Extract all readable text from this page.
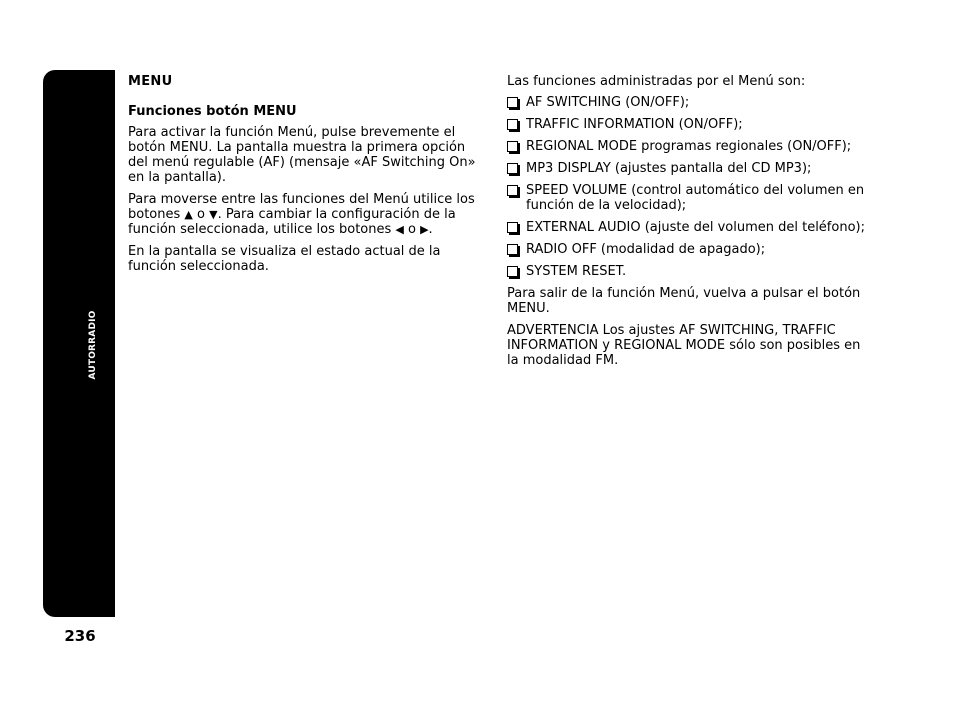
AUTORRADIO
236

MENU

Funciones botón MENU

Para activar la función Menú, pulse brevemente el botón MENU. La pantalla muestra la primera opción del menú regulable (AF) (mensaje «AF Switching On» en la pantalla).

Para moverse entre las funciones del Menú utilice los botones ▲ o ▼. Para cambiar la configuración de la función seleccionada, utilice los botones ◀ o ▶.

En la pantalla se visualiza el estado actual de la función seleccionada.

Las funciones administradas por el Menú son:

AF SWITCHING (ON/OFF);
TRAFFIC INFORMATION (ON/OFF);
REGIONAL MODE programas regionales (ON/OFF);
MP3 DISPLAY (ajustes pantalla del CD MP3);
SPEED VOLUME (control automático del volumen en función de la velocidad);
EXTERNAL AUDIO (ajuste del volumen del teléfono);
RADIO OFF (modalidad de apagado);
SYSTEM RESET.

Para salir de la función Menú, vuelva a pulsar el botón MENU.

ADVERTENCIA Los ajustes AF SWITCHING, TRAFFIC INFORMATION y REGIONAL MODE sólo son posibles en la modalidad FM.
